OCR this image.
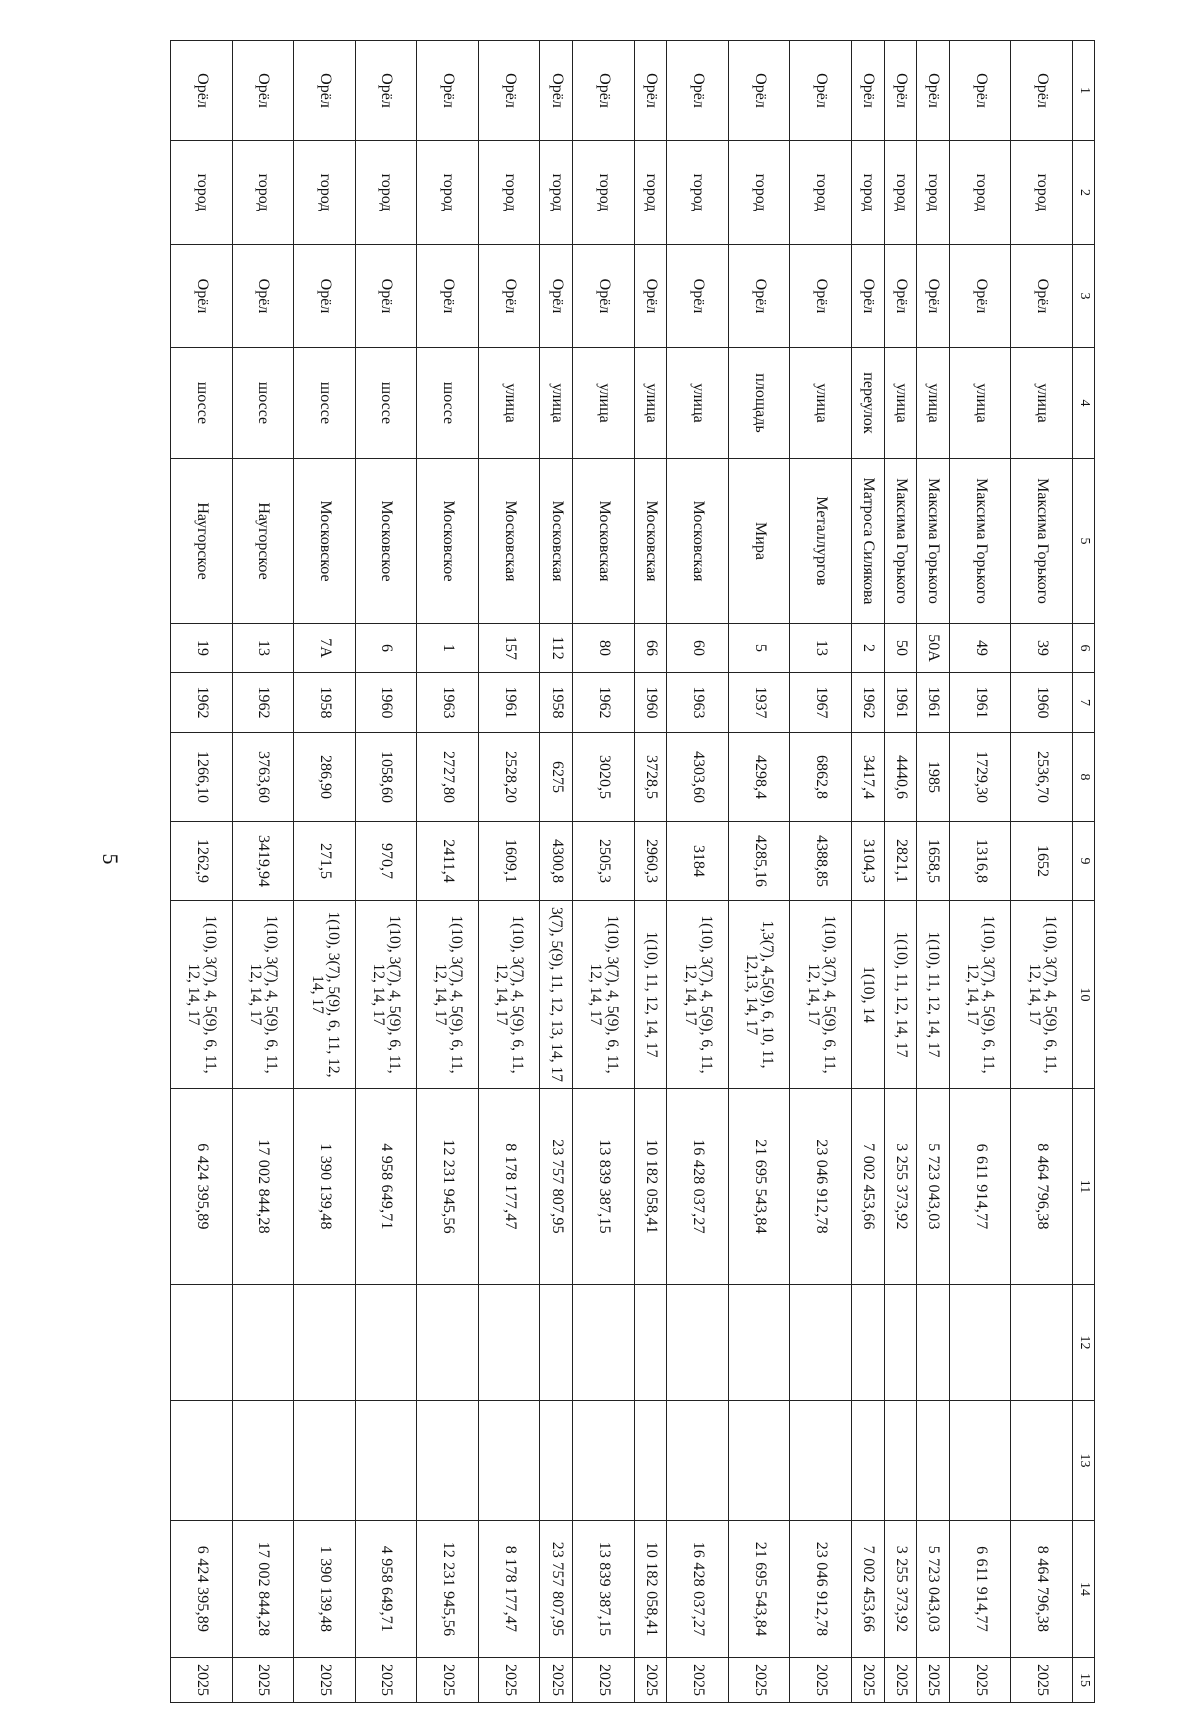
5
1	2	3	4	5	6	7	8	9	10	11	12	13	14	15
Орёл	город	Орёл	улица	Максима Горького	39	1960	2536,70	1652	1(10), 3(7), 4, 5(9), 6, 11, 12, 14, 17	8 464 796,38			8 464 796,38	2025
Орёл	город	Орёл	улица	Максима Горького	49	1961	1729,30	1316,8	1(10), 3(7), 4, 5(9), 6, 11, 12, 14, 17	6 611 914,77			6 611 914,77	2025
Орёл	город	Орёл	улица	Максима Горького	50А	1961	1985	1658,5	1(10), 11, 12, 14, 17	5 723 043,03			5 723 043,03	2025
Орёл	город	Орёл	улица	Максима Горького	50	1961	4440,6	2821,1	1(10), 11, 12, 14, 17	3 255 373,92			3 255 373,92	2025
Орёл	город	Орёл	переулок	Матроса Силякова	2	1962	3417,4	3104,3	1(10), 14	7 002 453,66			7 002 453,66	2025
Орёл	город	Орёл	улица	Металлургов	13	1967	6862,8	4388,85	1(10), 3(7), 4, 5(9), 6, 11, 12, 14, 17	23 046 912,78			23 046 912,78	2025
Орёл	город	Орёл	площадь	Мира	5	1937	4298,4	4285,16	1,3(7), 4,5(9), 6, 10, 11, 12,13, 14, 17	21 695 543,84			21 695 543,84	2025
Орёл	город	Орёл	улица	Московская	60	1963	4303,60	3184	1(10), 3(7), 4, 5(9), 6, 11, 12, 14, 17	16 428 037,27			16 428 037,27	2025
Орёл	город	Орёл	улица	Московская	66	1960	3728,5	2960,3	1(10), 11, 12, 14, 17	10 182 058,41			10 182 058,41	2025
Орёл	город	Орёл	улица	Московская	80	1962	3020,5	2505,3	1(10), 3(7), 4, 5(9), 6, 11, 12, 14, 17	13 839 387,15			13 839 387,15	2025
Орёл	город	Орёл	улица	Московская	112	1958	6275	4300,8	3(7), 5(9), 11, 12, 13, 14, 17	23 757 807,95			23 757 807,95	2025
Орёл	город	Орёл	улица	Московская	157	1961	2528,20	1609,1	1(10), 3(7), 4, 5(9), 6, 11, 12, 14, 17	8 178 177,47			8 178 177,47	2025
Орёл	город	Орёл	шоссе	Московское	1	1963	2727,80	2411,4	1(10), 3(7), 4, 5(9), 6, 11, 12, 14, 17	12 231 945,56			12 231 945,56	2025
Орёл	город	Орёл	шоссе	Московское	6	1960	1058,60	970,7	1(10), 3(7), 4, 5(9), 6, 11, 12, 14, 17	4 958 649,71			4 958 649,71	2025
Орёл	город	Орёл	шоссе	Московское	7А	1958	286,90	271,5	1(10), 3(7), 5(9), 6, 11, 12, 14, 17	1 390 139,48			1 390 139,48	2025
Орёл	город	Орёл	шоссе	Наугорское	13	1962	3763,60	3419,94	1(10), 3(7), 4, 5(9), 6, 11, 12, 14, 17	17 002 844,28			17 002 844,28	2025
Орёл	город	Орёл	шоссе	Наугорское	19	1962	1266,10	1262,9	1(10), 3(7), 4, 5(9), 6, 11, 12, 14, 17	6 424 395,89			6 424 395,89	2025
